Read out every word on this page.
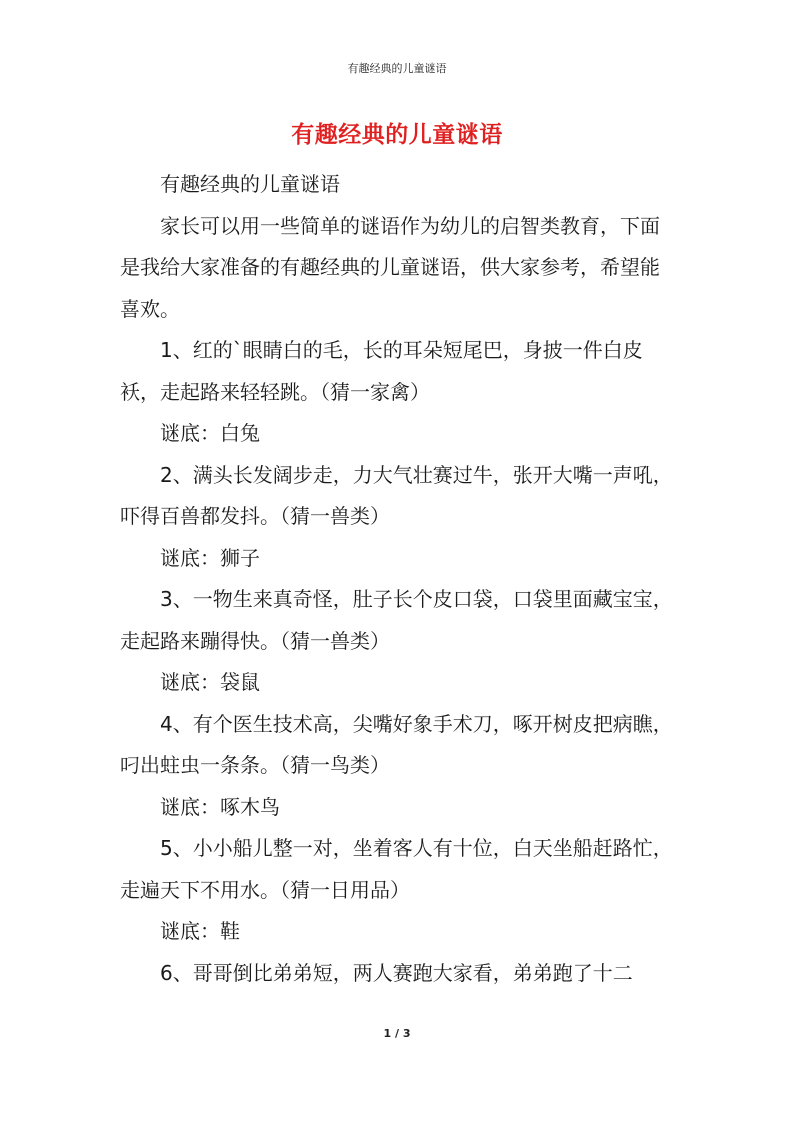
有趣经典的儿童谜语
有趣经典的儿童谜语

有趣经典的儿童谜语

家长可以用一些简单的谜语作为幼儿的启智类教育，下面是我给大家准备的有趣经典的儿童谜语，供大家参考，希望能喜欢。

1、红的`眼睛白的毛，长的耳朵短尾巴，身披一件白皮袄，走起路来轻轻跳。（猜一家禽）

谜底：白兔

2、满头长发阔步走，力大气壮赛过牛，张开大嘴一声吼，吓得百兽都发抖。（猜一兽类）

谜底：狮子

3、一物生来真奇怪，肚子长个皮口袋，口袋里面藏宝宝，走起路来蹦得快。（猜一兽类）

谜底：袋鼠

4、有个医生技术高，尖嘴好象手术刀，啄开树皮把病瞧，叼出蛀虫一条条。（猜一鸟类）

谜底：啄木鸟

5、小小船儿整一对，坐着客人有十位，白天坐船赶路忙，走遍天下不用水。（猜一日用品）

谜底：鞋

6、哥哥倒比弟弟短，两人赛跑大家看，弟弟跑了十二

1 / 3
